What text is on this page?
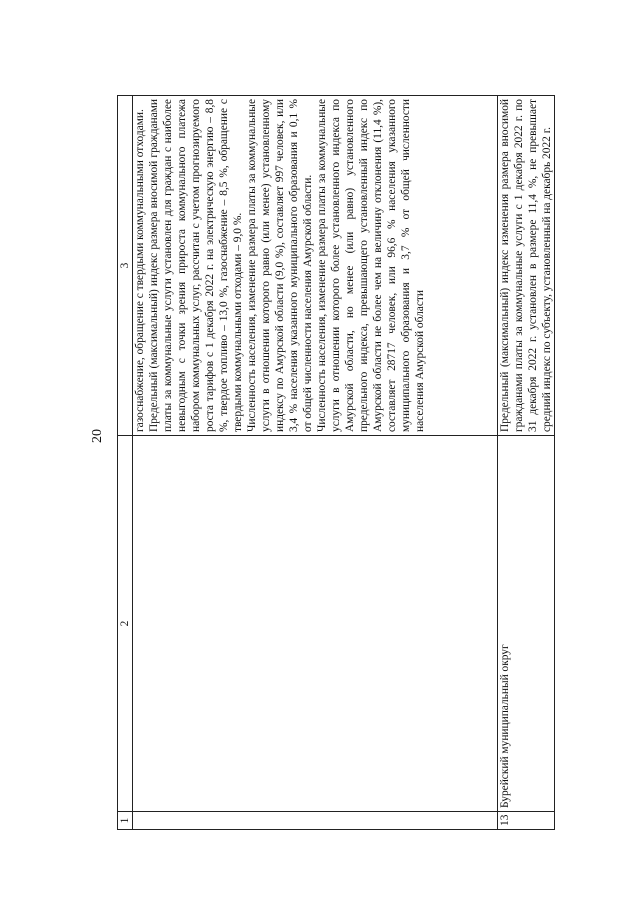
20
1	2	3

		газоснабжение, обращение с твердыми коммунальными отходами. Предельный (максимальный) индекс размера вносимой гражданами платы за коммунальные услуги установлен для граждан с наиболее невыгодным с точки зрения прироста коммунального платежа набором коммунальных услуг, рассчитан с учетом прогнозируемого роста тарифов с 1 декабря 2022 г. на электрическую энергию – 8,8 %, твердое топливо – 13,0 %, газоснабжение – 8,5 %, обращение с твердыми коммунальными отходами – 9,0 %. Численность населения, изменение размера платы за коммунальные услуги в отношении которого равно (или менее) установленному индексу по Амурской области (9,0 %), составляет 997 человек, или 3,4 % населения указанного муниципального образования и 0,1 % от общей численности населения Амурской области. Численность населения, изменение размера платы за коммунальные услуги в отношении которого более установленного индекса по Амурской области, но менее (или равно) установленного предельного индекса, превышающего установленный индекс по Амурской области не более чем на величину отклонения (11,4 %), составляет 28717 человек, или 96,6 % населения указанного муниципального образования и 3,7 % от общей численности населения Амурской области

13	Бурейский муниципальный округ	Предельный (максимальный) индекс изменения размера вносимой гражданами платы за коммунальные услуги с 1 декабря 2022 г. по 31 декабря 2022 г. установлен в размере 11,4 %, не превышает средний индекс по субъекту, установленный на декабрь 2022 г.
